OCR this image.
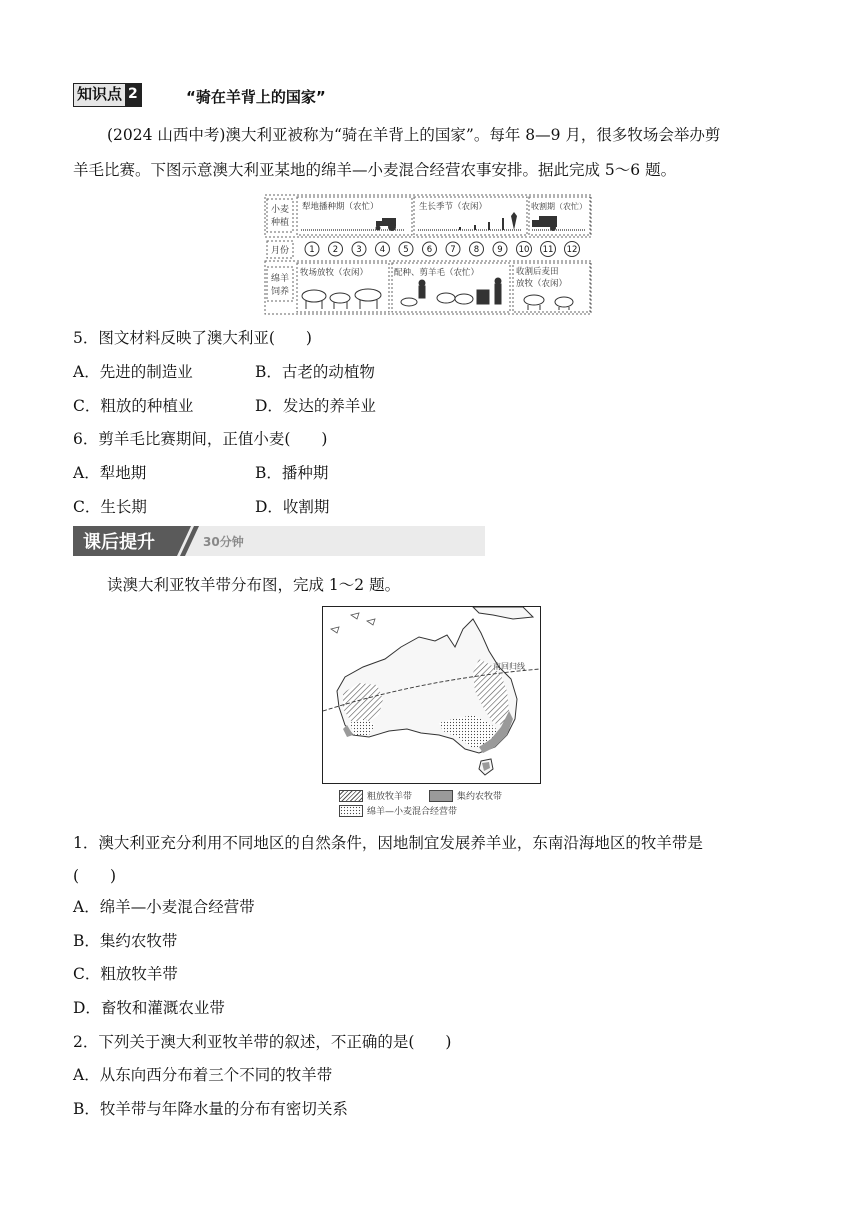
知识点 2	“骑在羊背上的国家”
(2024 山西中考)澳大利亚被称为“骑在羊背上的国家”。每年 8—9 月，很多牧场会举办剪
羊毛比赛。下图示意澳大利亚某地的绵羊—小麦混合经营农事安排。据此完成 5～6 题。
小麦
种植
犁地播种期（农忙）	生长季节（农闲）	收割期（农忙）
月份 1 2 3 4 5 6 7 8 9 10 11 12
绵羊
饲养
牧场放牧（农闲）	配种、剪羊毛（农忙）	收割后麦田
放牧（农闲）
5．图文材料反映了澳大利亚(　　)
A．先进的制造业	B．古老的动植物
C．粗放的种植业	D．发达的养羊业
6．剪羊毛比赛期间，正值小麦(　　)
A．犁地期	B．播种期
C．生长期	D．收割期
课后提升	30分钟
读澳大利亚牧羊带分布图，完成 1～2 题。
南回归线
粗放牧羊带	集约农牧带
绵羊—小麦混合经营带
1．澳大利亚充分利用不同地区的自然条件，因地制宜发展养羊业，东南沿海地区的牧羊带是
(　　)
A．绵羊—小麦混合经营带
B．集约农牧带
C．粗放牧羊带
D．畜牧和灌溉农业带
2．下列关于澳大利亚牧羊带的叙述，不正确的是(　　)
A．从东向西分布着三个不同的牧羊带
B．牧羊带与年降水量的分布有密切关系
